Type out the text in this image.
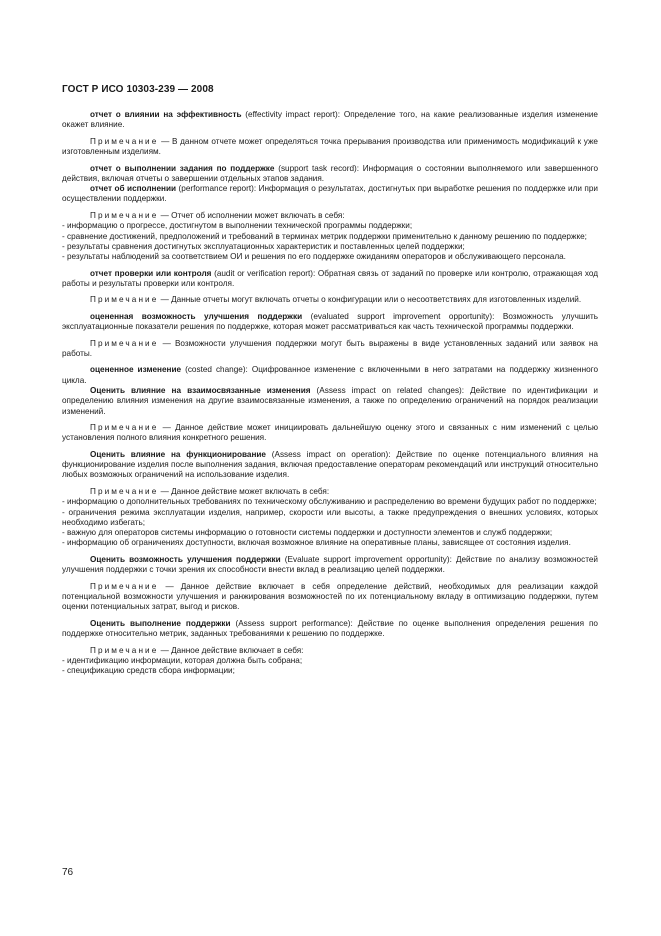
ГОСТ Р ИСО 10303-239 — 2008
отчет о влиянии на эффективность (effectivity impact report): Определение того, на какие реализованные изделия изменение окажет влияние.
Примечание — В данном отчете может определяться точка прерывания производства или применимость модификаций к уже изготовленным изделиям.
отчет о выполнении задания по поддержке (support task record): Информация о состоянии выполняемого или завершенного действия, включая отчеты о завершении отдельных этапов задания.
отчет об исполнении (performance report): Информация о результатах, достигнутых при выработке решения по поддержке или при осуществлении поддержки.
Примечание — Отчет об исполнении может включать в себя:
- информацию о прогрессе, достигнутом в выполнении технической программы поддержки;
- сравнение достижений, предположений и требований в терминах метрик поддержки применительно к данному решению по поддержке;
- результаты сравнения достигнутых эксплуатационных характеристик и поставленных целей поддержки;
- результаты наблюдений за соответствием ОИ и решения по его поддержке ожиданиям операторов и обслуживающего персонала.
отчет проверки или контроля (audit or verification report): Обратная связь от заданий по проверке или контролю, отражающая ход работы и результаты проверки или контроля.
Примечание — Данные отчеты могут включать отчеты о конфигурации или о несоответствиях для изготовленных изделий.
оцененная возможность улучшения поддержки (evaluated support improvement opportunity): Возможность улучшить эксплуатационные показатели решения по поддержке, которая может рассматриваться как часть технической программы поддержки.
Примечание — Возможности улучшения поддержки могут быть выражены в виде установленных заданий или заявок на работы.
оцененное изменение (costed change): Оцифрованное изменение с включенными в него затратами на поддержку жизненного цикла.
Оценить влияние на взаимосвязанные изменения (Assess impact on related changes): Действие по идентификации и определению влияния изменения на другие взаимосвязанные изменения, а также по определению ограничений на порядок реализации изменений.
Примечание — Данное действие может инициировать дальнейшую оценку этого и связанных с ним изменений с целью установления полного влияния конкретного решения.
Оценить влияние на функционирование (Assess impact on operation): Действие по оценке потенциального влияния на функционирование изделия после выполнения задания, включая предоставление операторам рекомендаций или инструкций относительно любых возможных ограничений на использование изделия.
Примечание — Данное действие может включать в себя:
- информацию о дополнительных требованиях по техническому обслуживанию и распределению во времени будущих работ по поддержке;
- ограничения режима эксплуатации изделия, например, скорости или высоты, а также предупреждения о внешних условиях, которых необходимо избегать;
- важную для операторов системы информацию о готовности системы поддержки и доступности элементов и служб поддержки;
- информацию об ограничениях доступности, включая возможное влияние на оперативные планы, зависящее от состояния изделия.
Оценить возможность улучшения поддержки (Evaluate support improvement opportunity): Действие по анализу возможностей улучшения поддержки с точки зрения их способности внести вклад в реализацию целей поддержки.
Примечание — Данное действие включает в себя определение действий, необходимых для реализации каждой потенциальной возможности улучшения и ранжирования возможностей по их потенциальному вкладу в оптимизацию поддержки, путем оценки потенциальных затрат, выгод и рисков.
Оценить выполнение поддержки (Assess support performance): Действие по оценке выполнения определения решения по поддержке относительно метрик, заданных требованиями к решению по поддержке.
Примечание — Данное действие включает в себя:
- идентификацию информации, которая должна быть собрана;
- спецификацию средств сбора информации;
76
